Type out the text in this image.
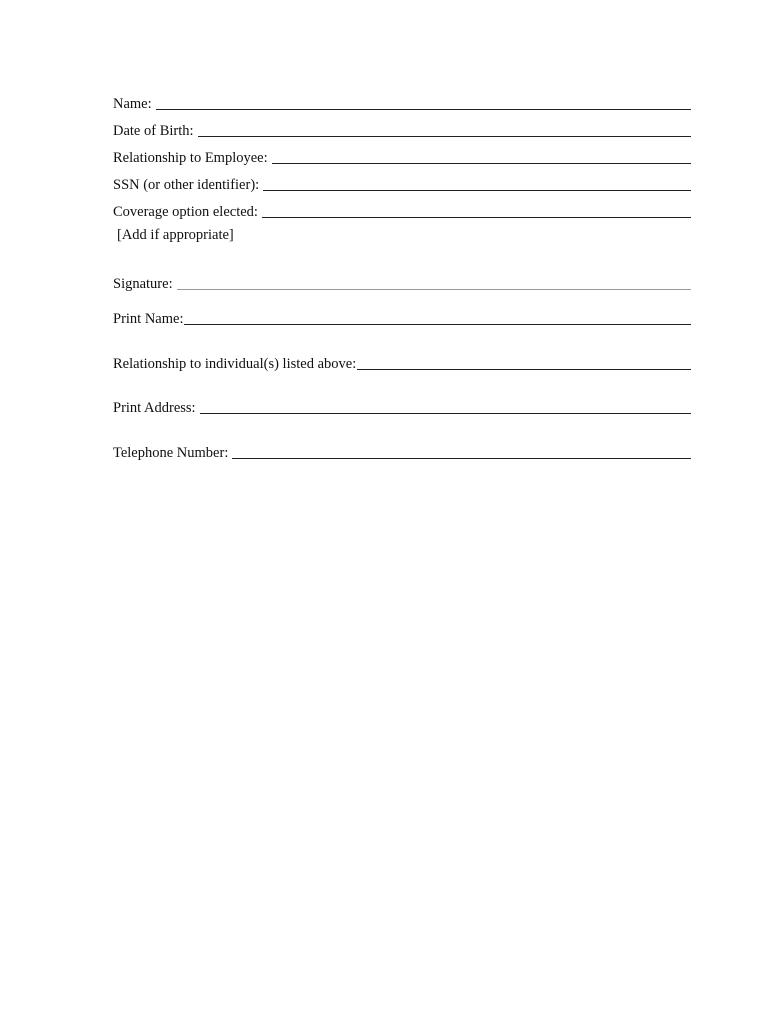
Name:
Date of Birth:
Relationship to Employee:
SSN (or other identifier):
Coverage option elected:
[Add if appropriate]
Signature:
Print Name:
Relationship to individual(s) listed above:
Print Address:
Telephone Number:
